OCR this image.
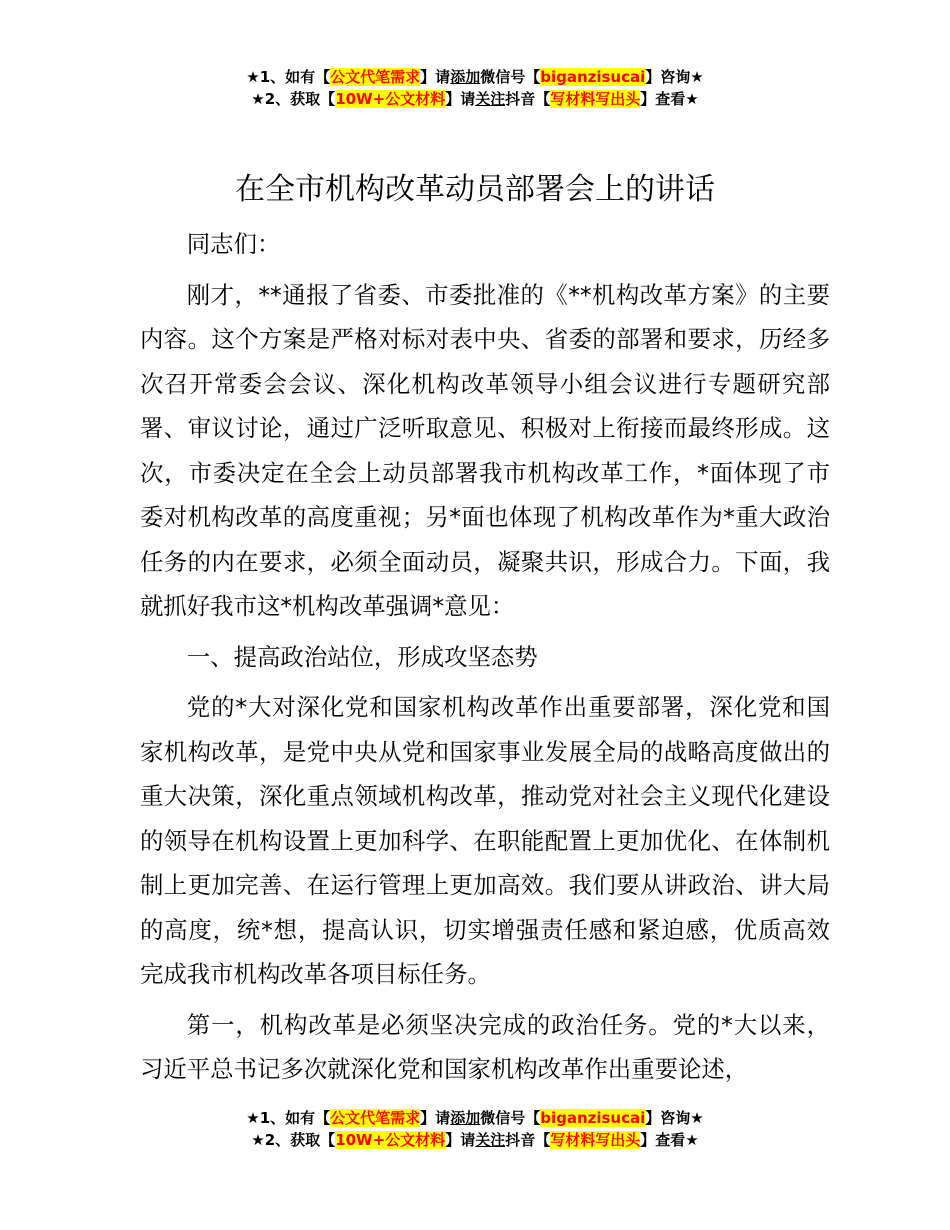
★1、如有【公文代笔需求】请添加微信号【biganzisucai】咨询★
★2、获取【10W+公文材料】请关注抖音【写材料写出头】查看★
在全市机构改革动员部署会上的讲话

同志们：

刚才，**通报了省委、市委批准的《**机构改革方案》的主要内容。这个方案是严格对标对表中央、省委的部署和要求，历经多次召开常委会会议、深化机构改革领导小组会议进行专题研究部署、审议讨论，通过广泛听取意见、积极对上衔接而最终形成。这次，市委决定在全会上动员部署我市机构改革工作，*面体现了市委对机构改革的高度重视；另*面也体现了机构改革作为*重大政治任务的内在要求，必须全面动员，凝聚共识，形成合力。下面，我就抓好我市这*机构改革强调*意见：

一、提高政治站位，形成攻坚态势

党的*大对深化党和国家机构改革作出重要部署，深化党和国家机构改革，是党中央从党和国家事业发展全局的战略高度做出的重大决策，深化重点领域机构改革，推动党对社会主义现代化建设的领导在机构设置上更加科学、在职能配置上更加优化、在体制机制上更加完善、在运行管理上更加高效。我们要从讲政治、讲大局的高度，统*想，提高认识，切实增强责任感和紧迫感，优质高效完成我市机构改革各项目标任务。

第一，机构改革是必须坚决完成的政治任务。党的*大以来，习近平总书记多次就深化党和国家机构改革作出重要论述，

★1、如有【公文代笔需求】请添加微信号【biganzisucai】咨询★
★2、获取【10W+公文材料】请关注抖音【写材料写出头】查看★
